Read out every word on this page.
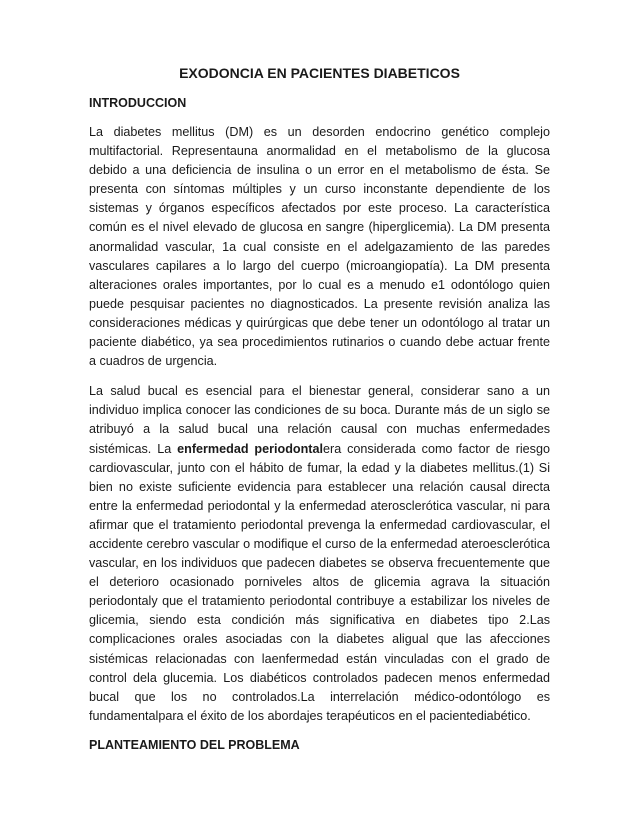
EXODONCIA EN PACIENTES DIABETICOS
INTRODUCCION

La diabetes mellitus (DM) es un desorden endocrino genético complejo multifactorial. Representauna anormalidad en el metabolismo de la glucosa debido a una deficiencia de insulina o un error en el metabolismo de ésta. Se presenta con síntomas múltiples y un curso inconstante dependiente de los sistemas y órganos específicos afectados por este proceso. La característica común es el nivel elevado de glucosa en sangre (hiperglicemia). La DM presenta anormalidad vascular, 1a cual consiste en el adelgazamiento de las paredes vasculares capilares a lo largo del cuerpo (microangiopatía). La DM presenta alteraciones orales importantes, por lo cual es a menudo e1 odontólogo quien puede pesquisar pacientes no diagnosticados. La presente revisión analiza las consideraciones médicas y quirúrgicas que debe tener un odontólogo al tratar un paciente diabético, ya sea procedimientos rutinarios o cuando debe actuar frente a cuadros de urgencia.

La salud bucal es esencial para el bienestar general, considerar sano a un individuo implica conocer las condiciones de su boca. Durante más de un siglo se atribuyó a la salud bucal una relación causal con muchas enfermedades sistémicas. La enfermedad periodontalera considerada como factor de riesgo cardiovascular, junto con el hábito de fumar, la edad y la diabetes mellitus.(1) Si bien no existe suficiente evidencia para establecer una relación causal directa entre la enfermedad periodontal y la enfermedad aterosclerótica vascular, ni para afirmar que el tratamiento periodontal prevenga la enfermedad cardiovascular, el accidente cerebro vascular o modifique el curso de la enfermedad ateroesclerótica vascular, en los individuos que padecen diabetes se observa frecuentemente que el deterioro ocasionado porniveles altos de glicemia agrava la situación periodontaly que el tratamiento periodontal contribuye a estabilizar los niveles de glicemia, siendo esta condición más significativa en diabetes tipo 2.Las complicaciones orales asociadas con la diabetes aligual que las afecciones sistémicas relacionadas con laenfermedad están vinculadas con el grado de control dela glucemia. Los diabéticos controlados padecen menos enfermedad bucal que los no controlados.La interrelación médico-odontólogo es fundamentalpara el éxito de los abordajes terapéuticos en el pacientediabético.

PLANTEAMIENTO DEL PROBLEMA
